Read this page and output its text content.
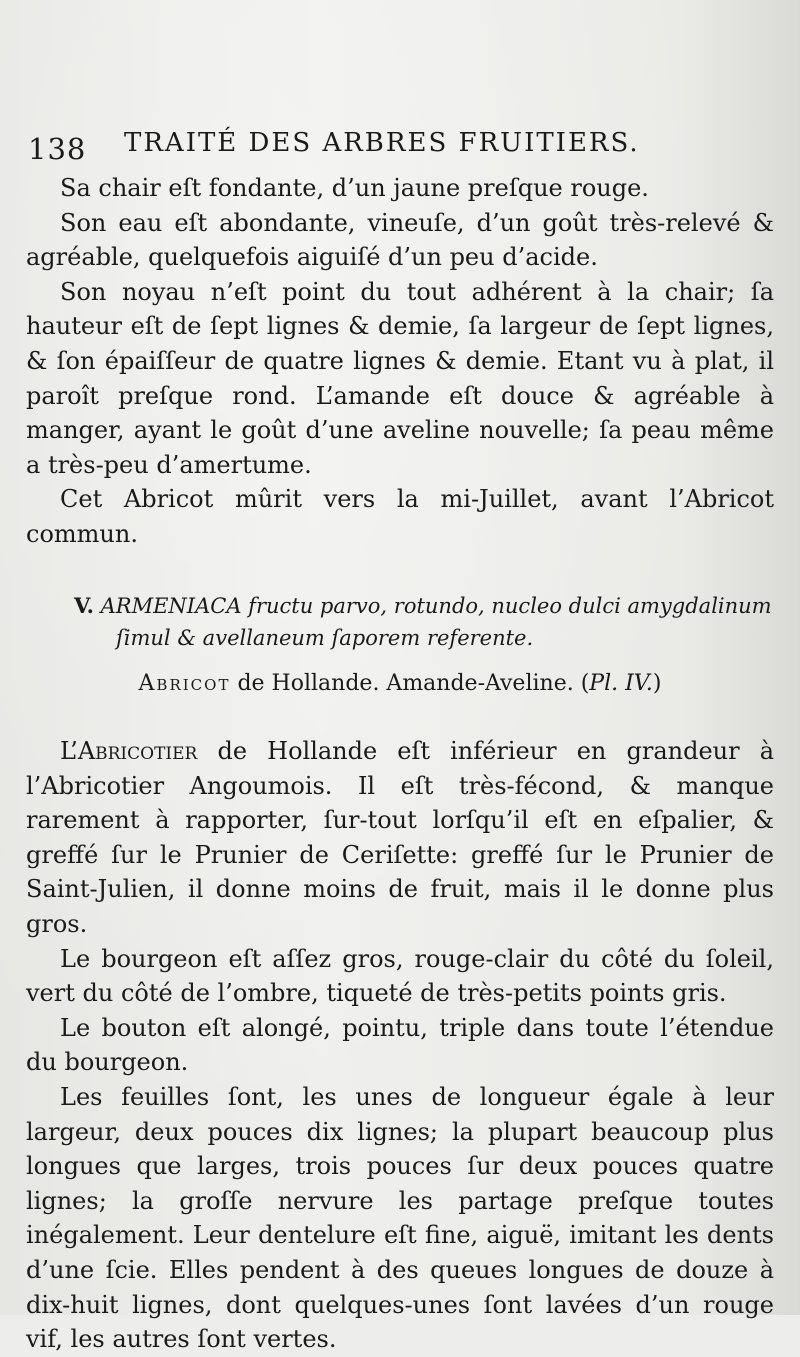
138 TRAITÉ DES ARBRES FRUITIERS.

Sa chair eſt fondante, d’un jaune preſque rouge.

Son eau eſt abondante, vineuſe, d’un goût très-relevé & agréable, quelquefois aiguiſé d’un peu d’acide.

Son noyau n’eſt point du tout adhérent à la chair; ſa hauteur eſt de ſept lignes & demie, ſa largeur de ſept lignes, & ſon épaiſſeur de quatre lignes & demie. Etant vu à plat, il paroît preſque rond. L’amande eſt douce & agréable à manger, ayant le goût d’une aveline nouvelle; ſa peau même a très-peu d’amertume.

Cet Abricot mûrit vers la mi-Juillet, avant l’Abricot commun.

V. ARMENIACA fructu parvo, rotundo, nucleo dulci amygdalinum
ſimul & avellaneum ſaporem referente.
Abricot de Hollande. Amande-Aveline. (Pl. IV.)

L’Abricotier de Hollande eſt inférieur en grandeur à l’Abricotier Angoumois. Il eſt très-fécond, & manque rarement à rapporter, ſur-tout lorſqu’il eſt en eſpalier, & greffé ſur le Prunier de Ceriſette: greffé ſur le Prunier de Saint-Julien, il donne moins de fruit, mais il le donne plus gros.

Le bourgeon eſt aſſez gros, rouge-clair du côté du ſoleil, vert du côté de l’ombre, tiqueté de très-petits points gris.

Le bouton eſt alongé, pointu, triple dans toute l’étendue du bourgeon.

Les feuilles ſont, les unes de longueur égale à leur largeur, deux pouces dix lignes; la plupart beaucoup plus longues que larges, trois pouces ſur deux pouces quatre lignes; la groſſe nervure les partage preſque toutes inégalement. Leur dentelure eſt fine, aiguë, imitant les dents d’une ſcie. Elles pendent à des queues longues de douze à dix-huit lignes, dont quelques-unes ſont lavées d’un rouge vif, les autres ſont vertes.
